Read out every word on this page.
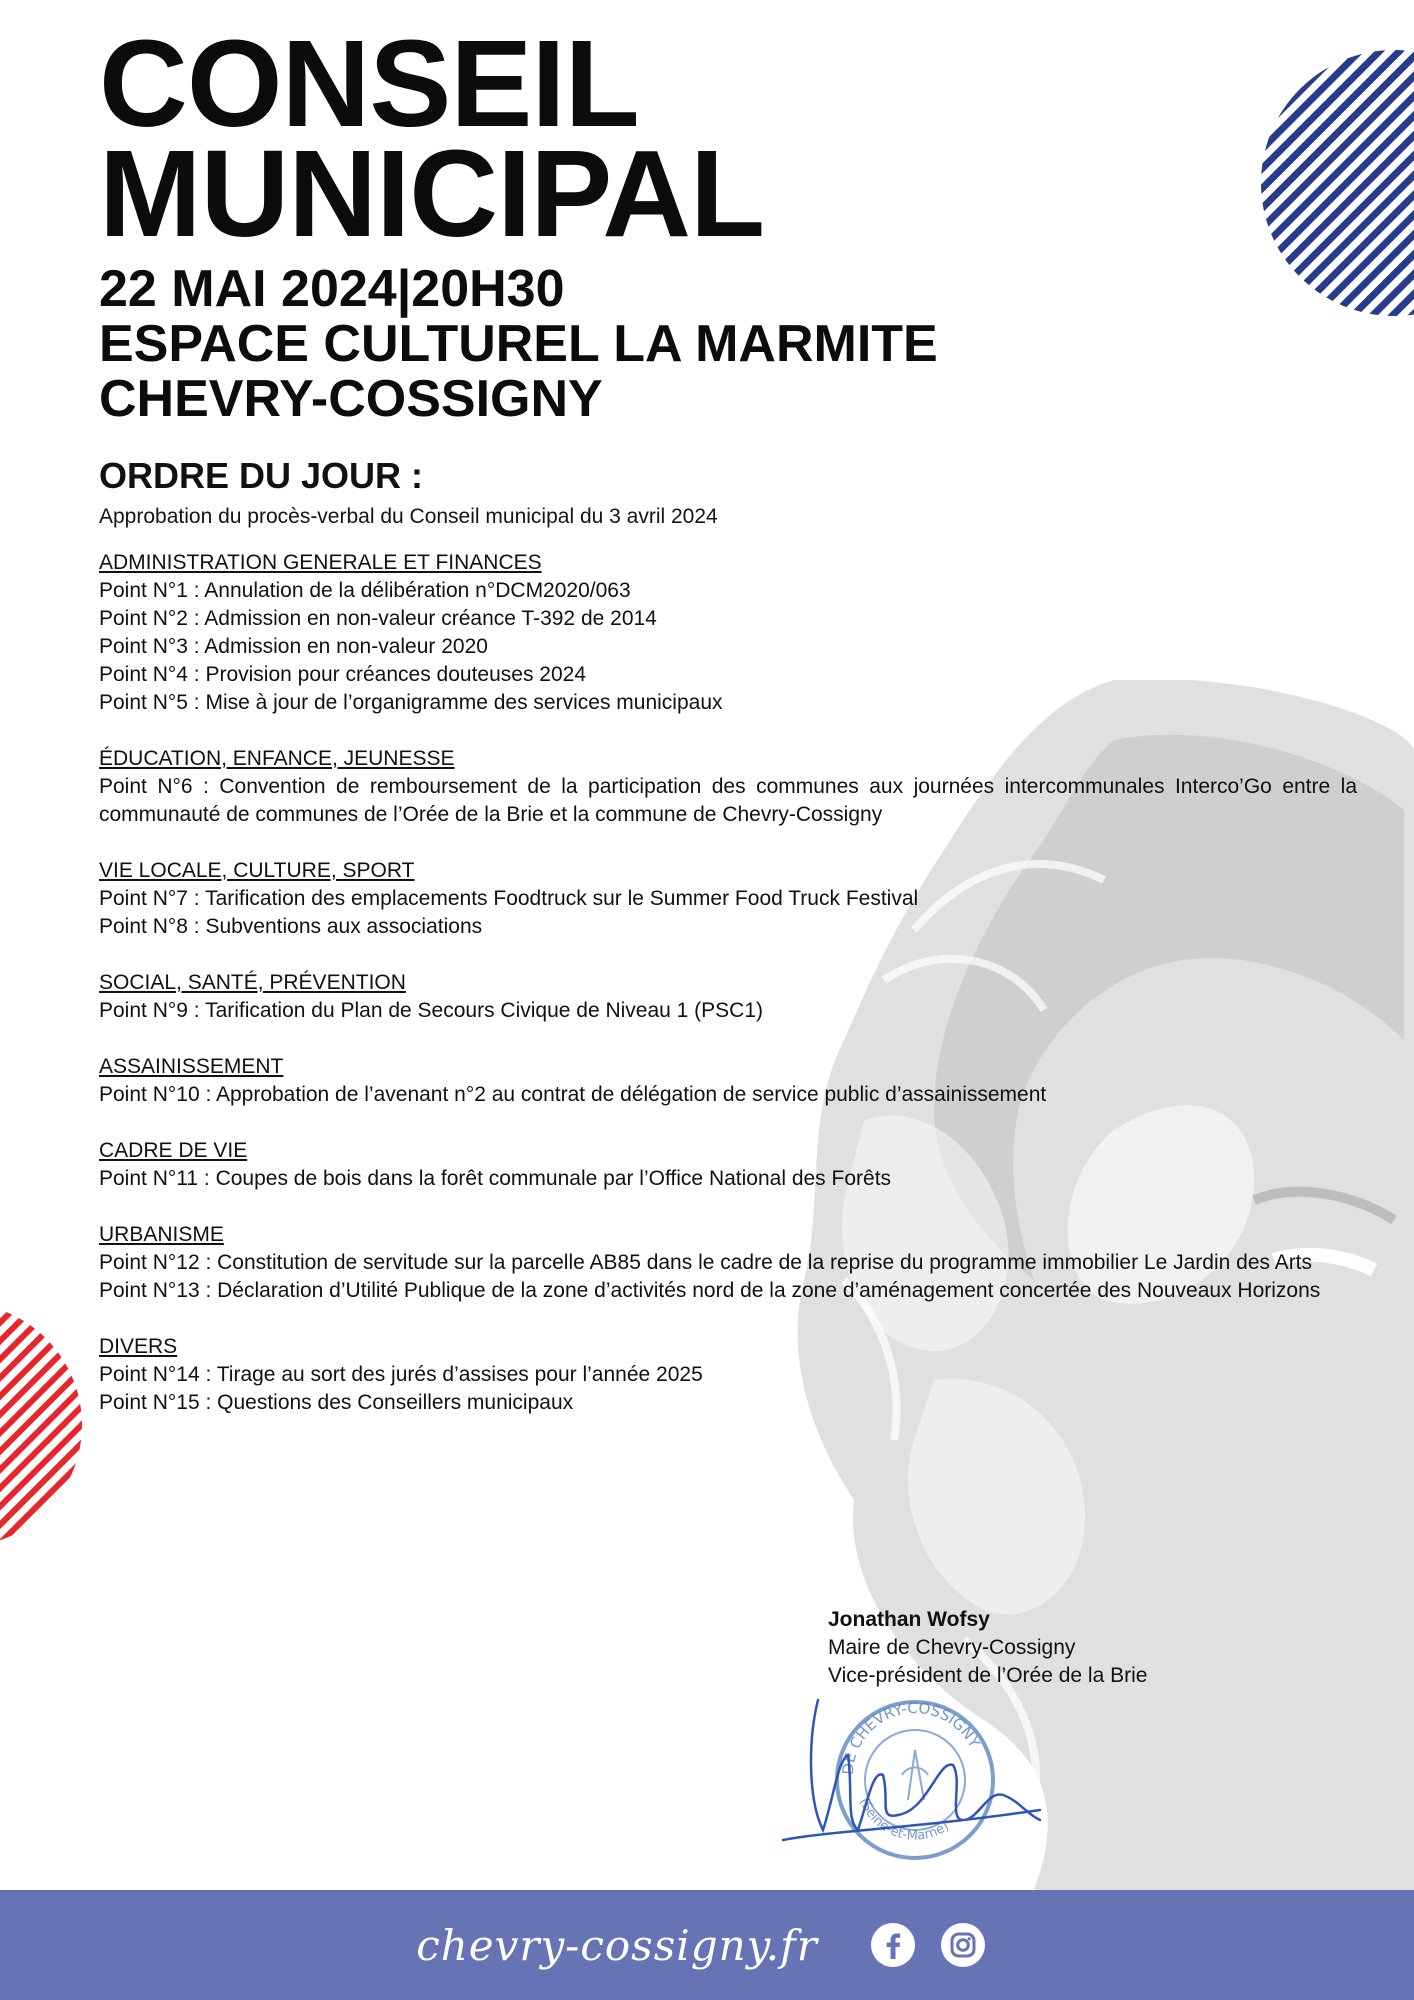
CONSEIL
MUNICIPAL
22 MAI 2024|20H30
ESPACE CULTUREL LA MARMITE
CHEVRY-COSSIGNY
ORDRE DU JOUR :
Approbation du procès-verbal du Conseil municipal du 3 avril 2024
ADMINISTRATION GENERALE ET FINANCES
Point N°1 : Annulation de la délibération n°DCM2020/063
Point N°2 : Admission en non-valeur créance T-392 de 2014
Point N°3 : Admission en non-valeur 2020
Point N°4 : Provision pour créances douteuses 2024
Point N°5 : Mise à jour de l’organigramme des services municipaux
ÉDUCATION, ENFANCE, JEUNESSE
Point N°6 : Convention de remboursement de la participation des communes aux journées intercommunales Interco’Go entre la communauté de communes de l’Orée de la Brie et la commune de Chevry-Cossigny
VIE LOCALE, CULTURE, SPORT
Point N°7 : Tarification des emplacements Foodtruck sur le Summer Food Truck Festival
Point N°8 : Subventions aux associations
SOCIAL, SANTÉ, PRÉVENTION
Point N°9 : Tarification du Plan de Secours Civique de Niveau 1 (PSC1)
ASSAINISSEMENT
Point N°10 : Approbation de l’avenant n°2 au contrat de délégation de service public d’assainissement
CADRE DE VIE
Point N°11 : Coupes de bois dans la forêt communale par l’Office National des Forêts
URBANISME
Point N°12 : Constitution de servitude sur la parcelle AB85 dans le cadre de la reprise du programme immobilier Le Jardin des Arts
Point N°13 : Déclaration d’Utilité Publique de la zone d’activités nord de la zone d’aménagement concertée des Nouveaux Horizons
DIVERS
Point N°14 : Tirage au sort des jurés d’assises pour l’année 2025
Point N°15 : Questions des Conseillers municipaux
Jonathan Wofsy
Maire de Chevry-Cossigny
Vice-président de l’Orée de la Brie
DE CHEVRY-COSSIGNY
(Seine-et-Marne)
chevry-cossigny.fr
